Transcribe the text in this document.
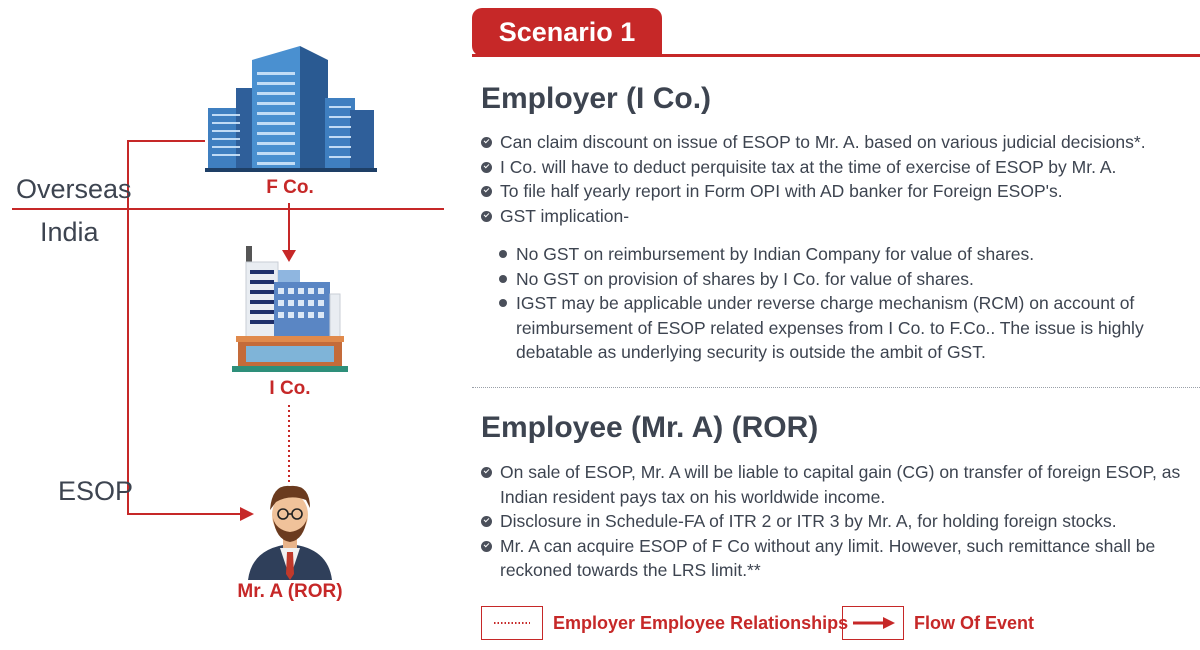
Overseas
India
ESOP
F Co.
I Co.
Mr. A (ROR)
Scenario 1
Employer (I Co.)
Can claim discount on issue of ESOP to Mr. A. based on various judicial decisions*.
I Co. will have to deduct perquisite tax at the time of exercise of ESOP by Mr. A.
To file half yearly report in Form OPI with AD banker for Foreign ESOP's.
GST implication-
No GST on reimbursement by Indian Company for value of shares.
No GST on provision of shares by I Co. for value of shares.
IGST may be applicable under reverse charge mechanism (RCM) on account of reimbursement of ESOP related expenses from I Co. to F.Co.. The issue is highly debatable as underlying security is outside the ambit of GST.
Employee (Mr. A) (ROR)
On sale of ESOP, Mr. A will be liable to capital gain (CG) on transfer of foreign ESOP, as Indian resident pays tax on his worldwide income.
Disclosure in Schedule-FA of ITR 2 or ITR 3 by Mr. A, for holding foreign stocks.
Mr. A can acquire ESOP of F Co without any limit. However, such remittance shall be reckoned towards the LRS limit.**
Employer Employee Relationships	Flow Of Event
